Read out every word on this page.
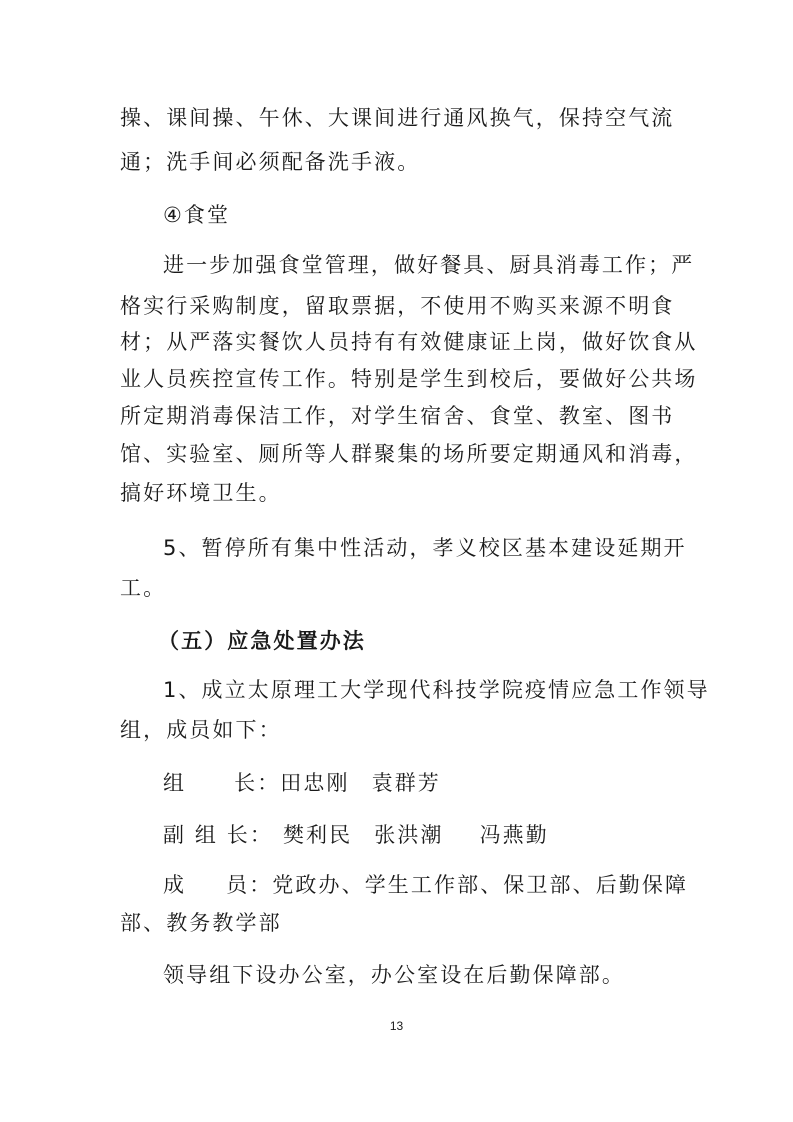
操、课间操、午休、大课间进行通风换气，保持空气流

通；洗手间必须配备洗手液。

④食堂

进一步加强食堂管理，做好餐具、厨具消毒工作；严

格实行采购制度，留取票据，不使用不购买来源不明食

材；从严落实餐饮人员持有有效健康证上岗，做好饮食从

业人员疾控宣传工作。特别是学生到校后，要做好公共场

所定期消毒保洁工作，对学生宿舍、食堂、教室、图书

馆、实验室、厕所等人群聚集的场所要定期通风和消毒，

搞好环境卫生。

5、暂停所有集中性活动，孝义校区基本建设延期开

工。

（五）应急处置办法

1、成立太原理工大学现代科技学院疫情应急工作领导

组，成员如下：

组 长：田忠刚 袁群芳

副 组 长： 樊利民 张洪潮 冯燕勤

成 员：党政办、学生工作部、保卫部、后勤保障

部、教务教学部

领导组下设办公室，办公室设在后勤保障部。

13
